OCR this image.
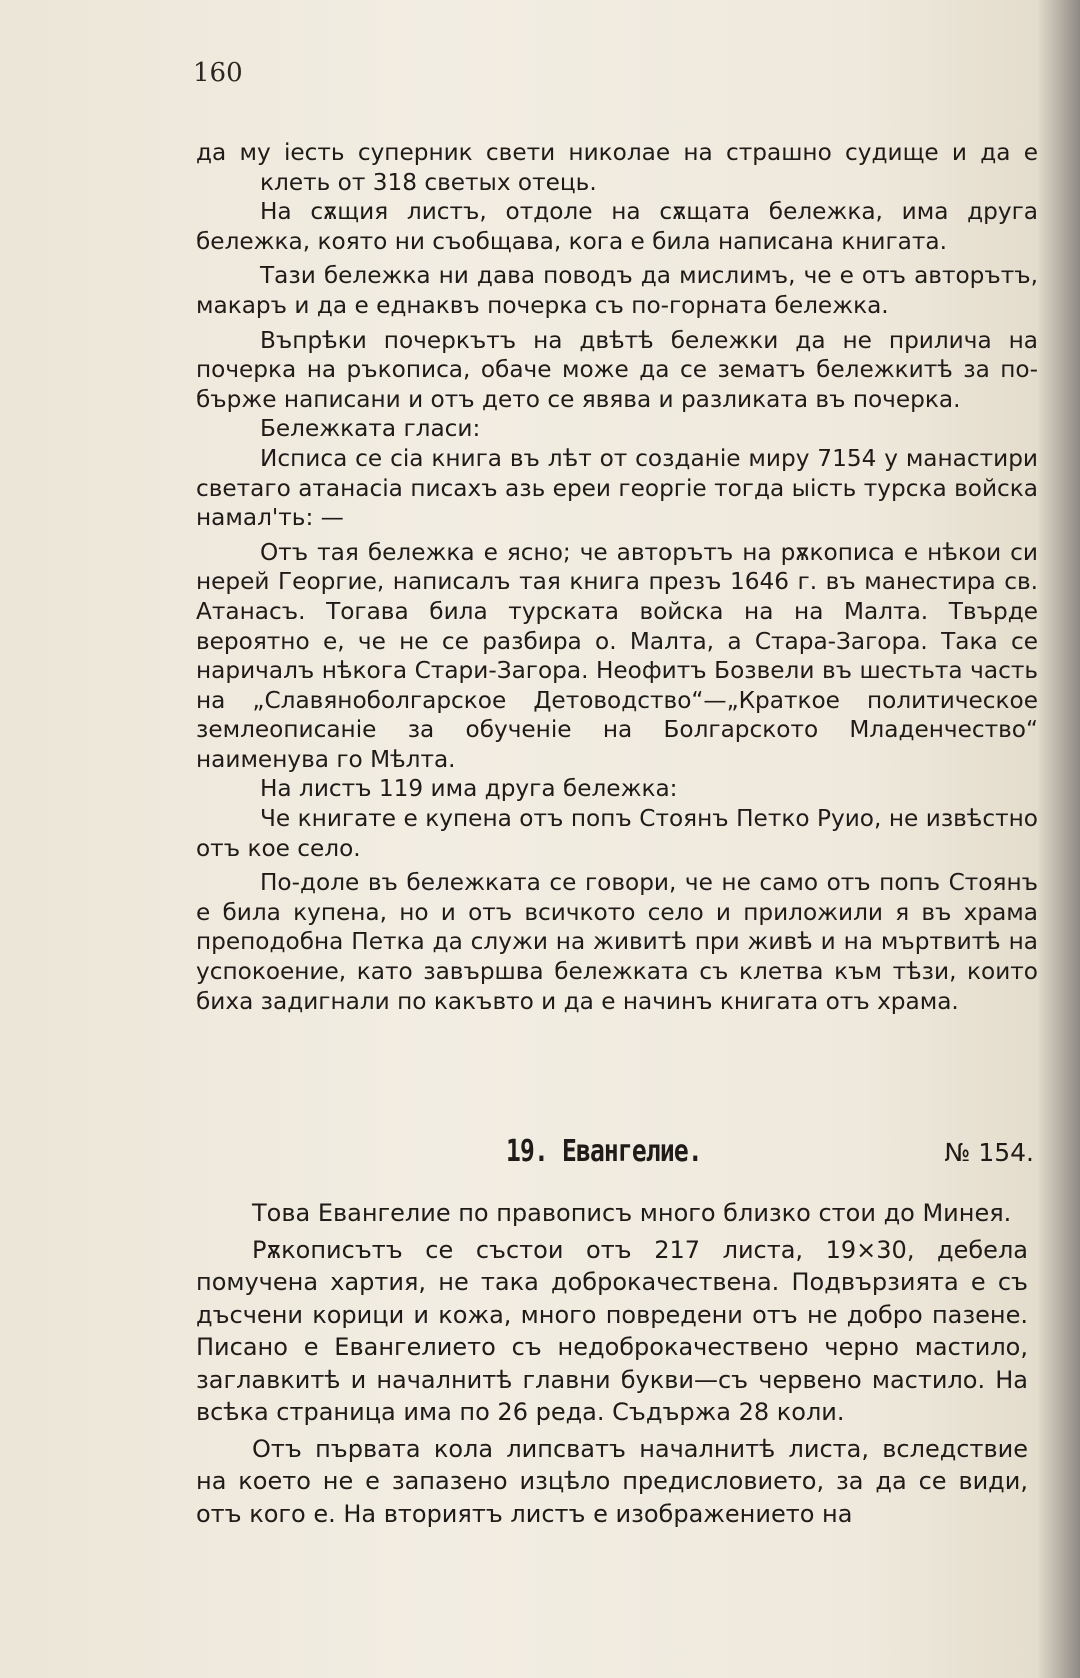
160

да му іесть суперник свети николае на страшно судище и да е клеть от 318 светых отець.

На сѫщия листъ, отдоле на сѫщата бележка, има друга бележка, която ни съобщава, кога е била написана книгата.

Тази бележка ни дава поводъ да мислимъ, че е отъ авторътъ, макаръ и да е еднаквъ почерка съ по-горната бележка.

Въпрѣки почеркътъ на двѣтѣ бележки да не прилича на почерка на ръкописа, обаче може да се зематъ бележкитѣ за по-бърже написани и отъ дето се явява и разликата въ почерка.

Бележката гласи:

Исписа се сіа книга въ лѣт от созданіе миру 7154 у манастири светаго атанасіа писахъ азь ереи георгіе тогда ыість турска войска намал'ть: —

Отъ тая бележка е ясно; че авторътъ на рѫкописа е нѣкои си нерей Георгие, написалъ тая книга презъ 1646 г. въ манестира св. Атанасъ. Тогава била турската войска на на Малта. Твърде вероятно е, че не се разбира о. Малта, а Стара-Загора. Така се наричалъ нѣкога Стари-Загора. Неофитъ Бозвели въ шестьта часть на „Славяноболгарское Детоводство“—„Краткое политическое землеописаніе за обученіе на Болгарското Младенчество“ наименува го Мѣлта.

На листъ 119 има друга бележка:

Че книгате е купена отъ попъ Стоянъ Петко Руио, не извѣстно отъ кое село.

По-доле въ бележката се говори, че не само отъ попъ Стоянъ е била купена, но и отъ всичкото село и приложили я въ храма преподобна Петка да служи на живитѣ при живѣ и на мъртвитѣ на успокоение, като завършва бележката съ клетва към тѣзи, които биха задигнали по какъвто и да е начинъ книгата отъ храма.

19. Евангелие.	№ 154.

Това Евангелие по правописъ много близко стои до Минея.

Рѫкописътъ се състои отъ 217 листа, 19×30, дебела помучена хартия, не така доброкачествена. Подвързията е съ дъсчени корици и кожа, много повредени отъ не добро пазене. Писано е Евангелието съ недоброкачествено черно мастило, заглавкитѣ и началнитѣ главни букви—съ червено мастило. На всѣка страница има по 26 реда. Съдържа 28 коли.

Отъ първата кола липсватъ началнитѣ листа, вследствие на което не е запазено изцѣло предисловието, за да се види, отъ кого е. На вториятъ листъ е изображението на
